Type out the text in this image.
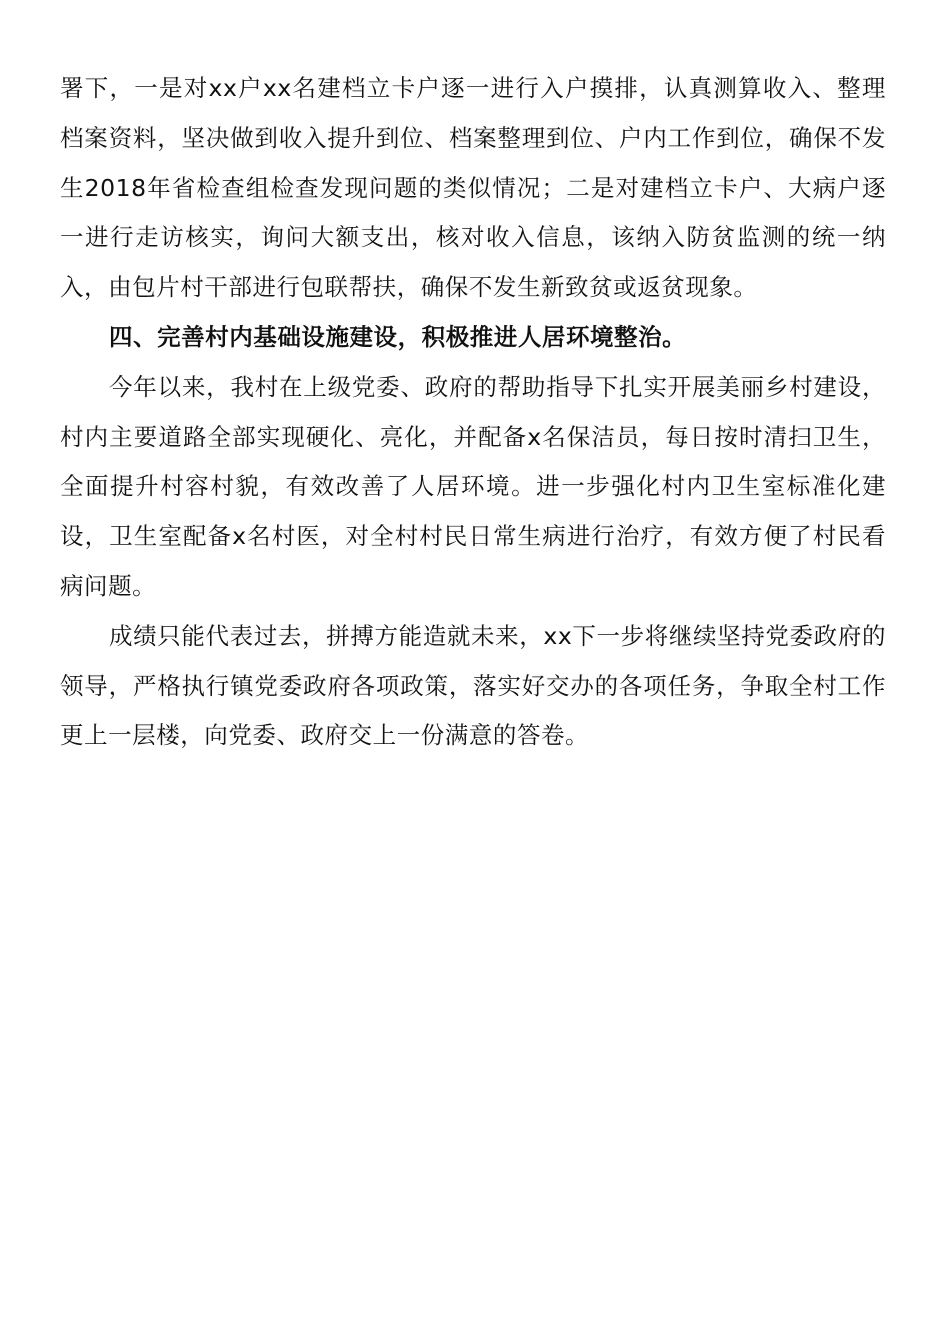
署下，一是对xx户xx名建档立卡户逐一进行入户摸排，认真测算收入、整理档案资料，坚决做到收入提升到位、档案整理到位、户内工作到位，确保不发生2018年省检查组检查发现问题的类似情况；二是对建档立卡户、大病户逐一进行走访核实，询问大额支出，核对收入信息，该纳入防贫监测的统一纳入，由包片村干部进行包联帮扶，确保不发生新致贫或返贫现象。

四、完善村内基础设施建设，积极推进人居环境整治。

今年以来，我村在上级党委、政府的帮助指导下扎实开展美丽乡村建设，村内主要道路全部实现硬化、亮化，并配备x名保洁员，每日按时清扫卫生，全面提升村容村貌，有效改善了人居环境。进一步强化村内卫生室标准化建设，卫生室配备x名村医，对全村村民日常生病进行治疗，有效方便了村民看病问题。

成绩只能代表过去，拼搏方能造就未来，xx下一步将继续坚持党委政府的领导，严格执行镇党委政府各项政策，落实好交办的各项任务，争取全村工作更上一层楼，向党委、政府交上一份满意的答卷。
